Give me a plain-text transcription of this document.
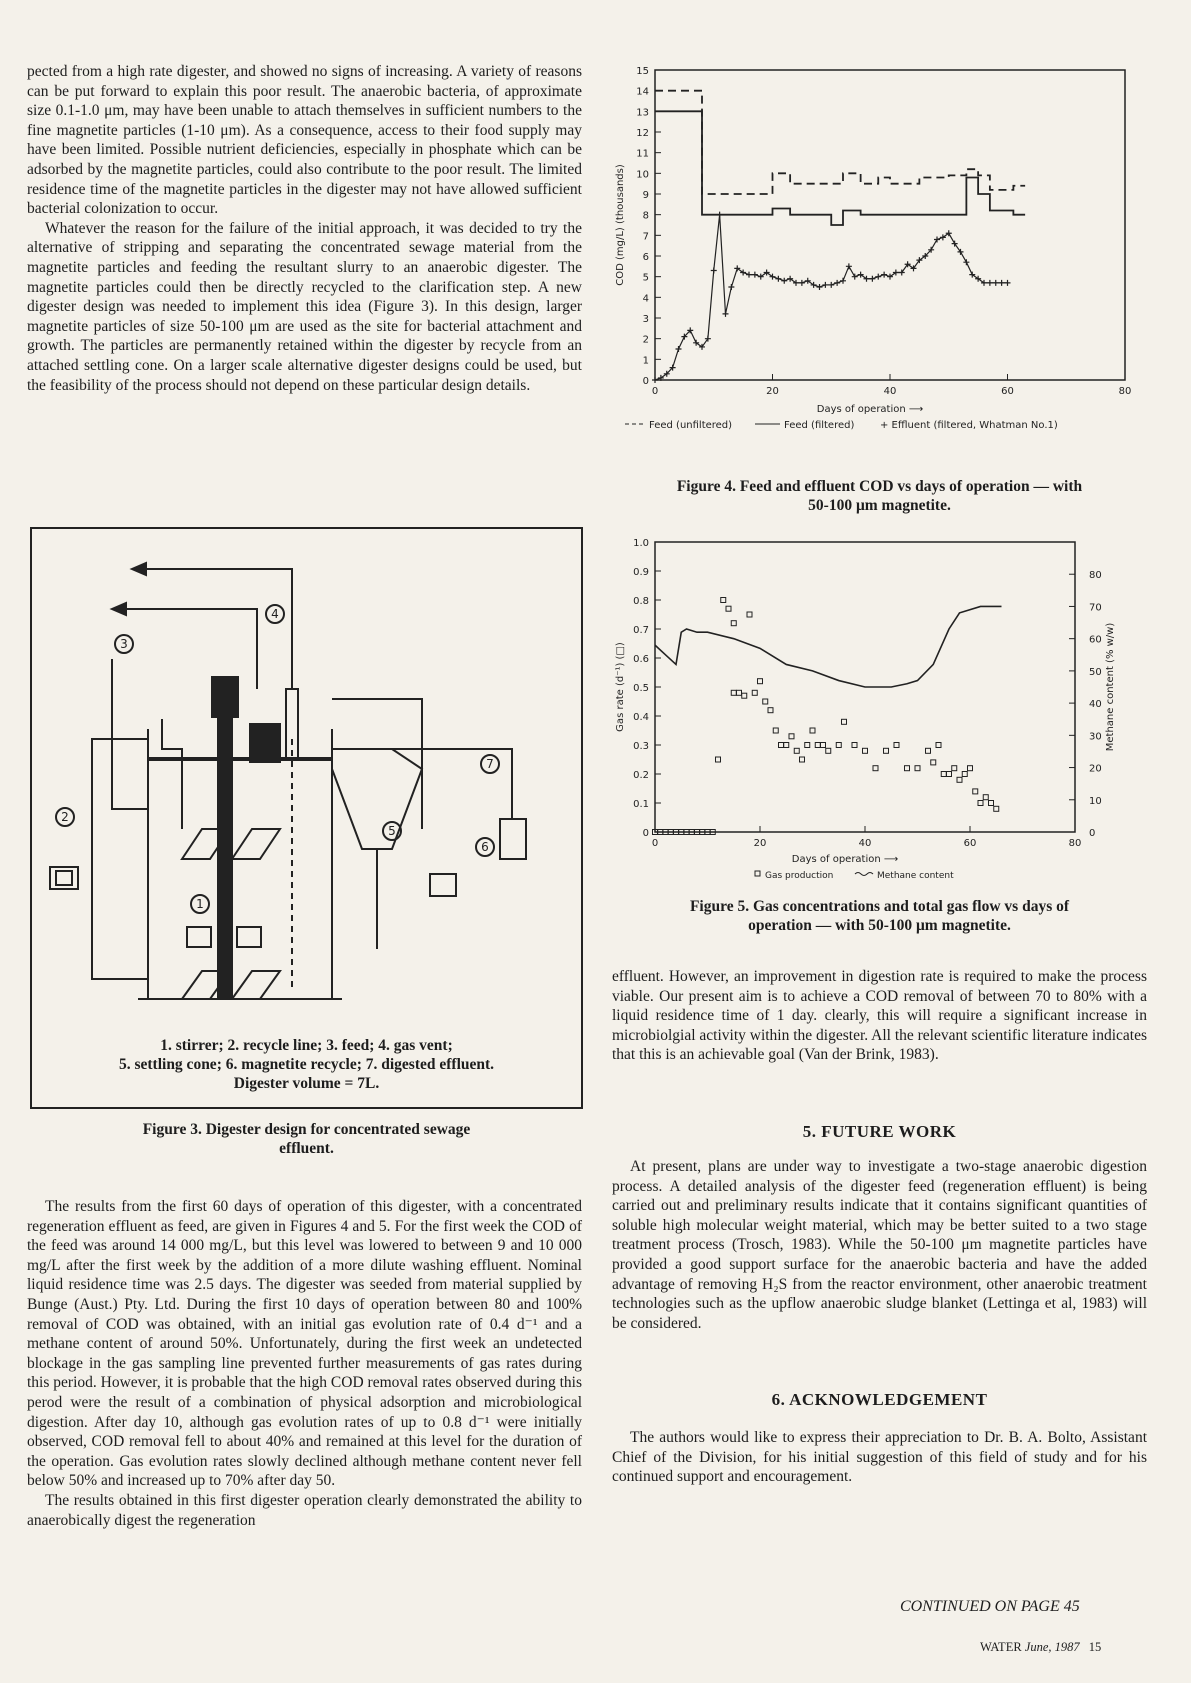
pected from a high rate digester, and showed no signs of increasing. A variety of reasons can be put forward to explain this poor result. The anaerobic bacteria, of approximate size 0.1-1.0 μm, may have been unable to attach themselves in sufficient numbers to the fine magnetite particles (1-10 μm). As a consequence, access to their food supply may have been limited. Possible nutrient deficiencies, especially in phosphate which can be adsorbed by the magnetite particles, could also contribute to the poor result. The limited residence time of the magnetite particles in the digester may not have allowed sufficient bacterial colonization to occur.

Whatever the reason for the failure of the initial approach, it was decided to try the alternative of stripping and separating the concentrated sewage material from the magnetite particles and feeding the resultant slurry to an anaerobic digester. The magnetite particles could then be directly recycled to the clarification step. A new digester design was needed to implement this idea (Figure 3). In this design, larger magnetite particles of size 50-100 μm are used as the site for bacterial attachment and growth. The particles are permanently retained within the digester by recycle from an attached settling cone. On a larger scale alternative digester designs could be used, but the feasibility of the process should not depend on these particular design details.

4
3
2
1
5
6
7
1. stirrer; 2. recycle line; 3. feed; 4. gas vent;
5. settling cone; 6. magnetite recycle; 7. digested effluent.
Digester volume = 7L.
Figure 3. Digester design for concentrated sewage
effluent.

The results from the first 60 days of operation of this digester, with a concentrated regeneration effluent as feed, are given in Figures 4 and 5. For the first week the COD of the feed was around 14 000 mg/L, but this level was lowered to between 9 and 10 000 mg/L after the first week by the addition of a more dilute washing effluent. Nominal liquid residence time was 2.5 days. The digester was seeded from material supplied by Bunge (Aust.) Pty. Ltd. During the first 10 days of operation between 80 and 100% removal of COD was obtained, with an initial gas evolution rate of 0.4 d⁻¹ and a methane content of around 50%. Unfortunately, during the first week an undetected blockage in the gas sampling line prevented further measurements of gas rates during this period. However, it is probable that the high COD removal rates observed during this perod were the result of a combination of physical adsorption and microbiological digestion. After day 10, although gas evolution rates of up to 0.8 d⁻¹ were initially observed, COD removal fell to about 40% and remained at this level for the duration of the operation. Gas evolution rates slowly declined although methane content never fell below 50% and increased up to 70% after day 50.

The results obtained in this first digester operation clearly demonstrated the ability to anaerobically digest the regeneration

0
1
2
3
4
5
6
7
8
9
10
11
12
13
14
15
0	20	40	60	80
COD (mg/L) (thousands)
Days of operation ⟶
Feed (unfiltered)	Feed (filtered)	+ Effluent (filtered, Whatman No.1)
Figure 4. Feed and effluent COD vs days of operation — with
50-100 μm magnetite.
0
0.1
0.2
0.3
0.4
0.5
0.6
0.7
0.8
0.9
1.0
0
10
20
30
40
50
60
70
80
0	20	40	60	80
Gas rate (d⁻¹) (□)	Methane content (% w/w)
Days of operation ⟶
Gas production	Methane content
Figure 5. Gas concentrations and total gas flow vs days of
operation — with 50-100 μm magnetite.

effluent. However, an improvement in digestion rate is required to make the process viable. Our present aim is to achieve a COD removal of between 70 to 80% with a liquid residence time of 1 day. clearly, this will require a significant increase in microbiolgial activity within the digester. All the relevant scientific literature indicates that this is an achievable goal (Van der Brink, 1983).

5. FUTURE WORK

At present, plans are under way to investigate a two-stage anaerobic digestion process. A detailed analysis of the digester feed (regeneration effluent) is being carried out and preliminary results indicate that it contains significant quantities of soluble high molecular weight material, which may be better suited to a two stage treatment process (Trosch, 1983). While the 50-100 μm magnetite particles have provided a good support surface for the anaerobic bacteria and have the added advantage of removing H₂S from the reactor environment, other anaerobic treatment technologies such as the upflow anaerobic sludge blanket (Lettinga et al, 1983) will be considered.

6. ACKNOWLEDGEMENT

The authors would like to express their appreciation to Dr. B. A. Bolto, Assistant Chief of the Division, for his initial suggestion of this field of study and for his continued support and encouragement.

CONTINUED ON PAGE 45
WATER June, 1987 15
